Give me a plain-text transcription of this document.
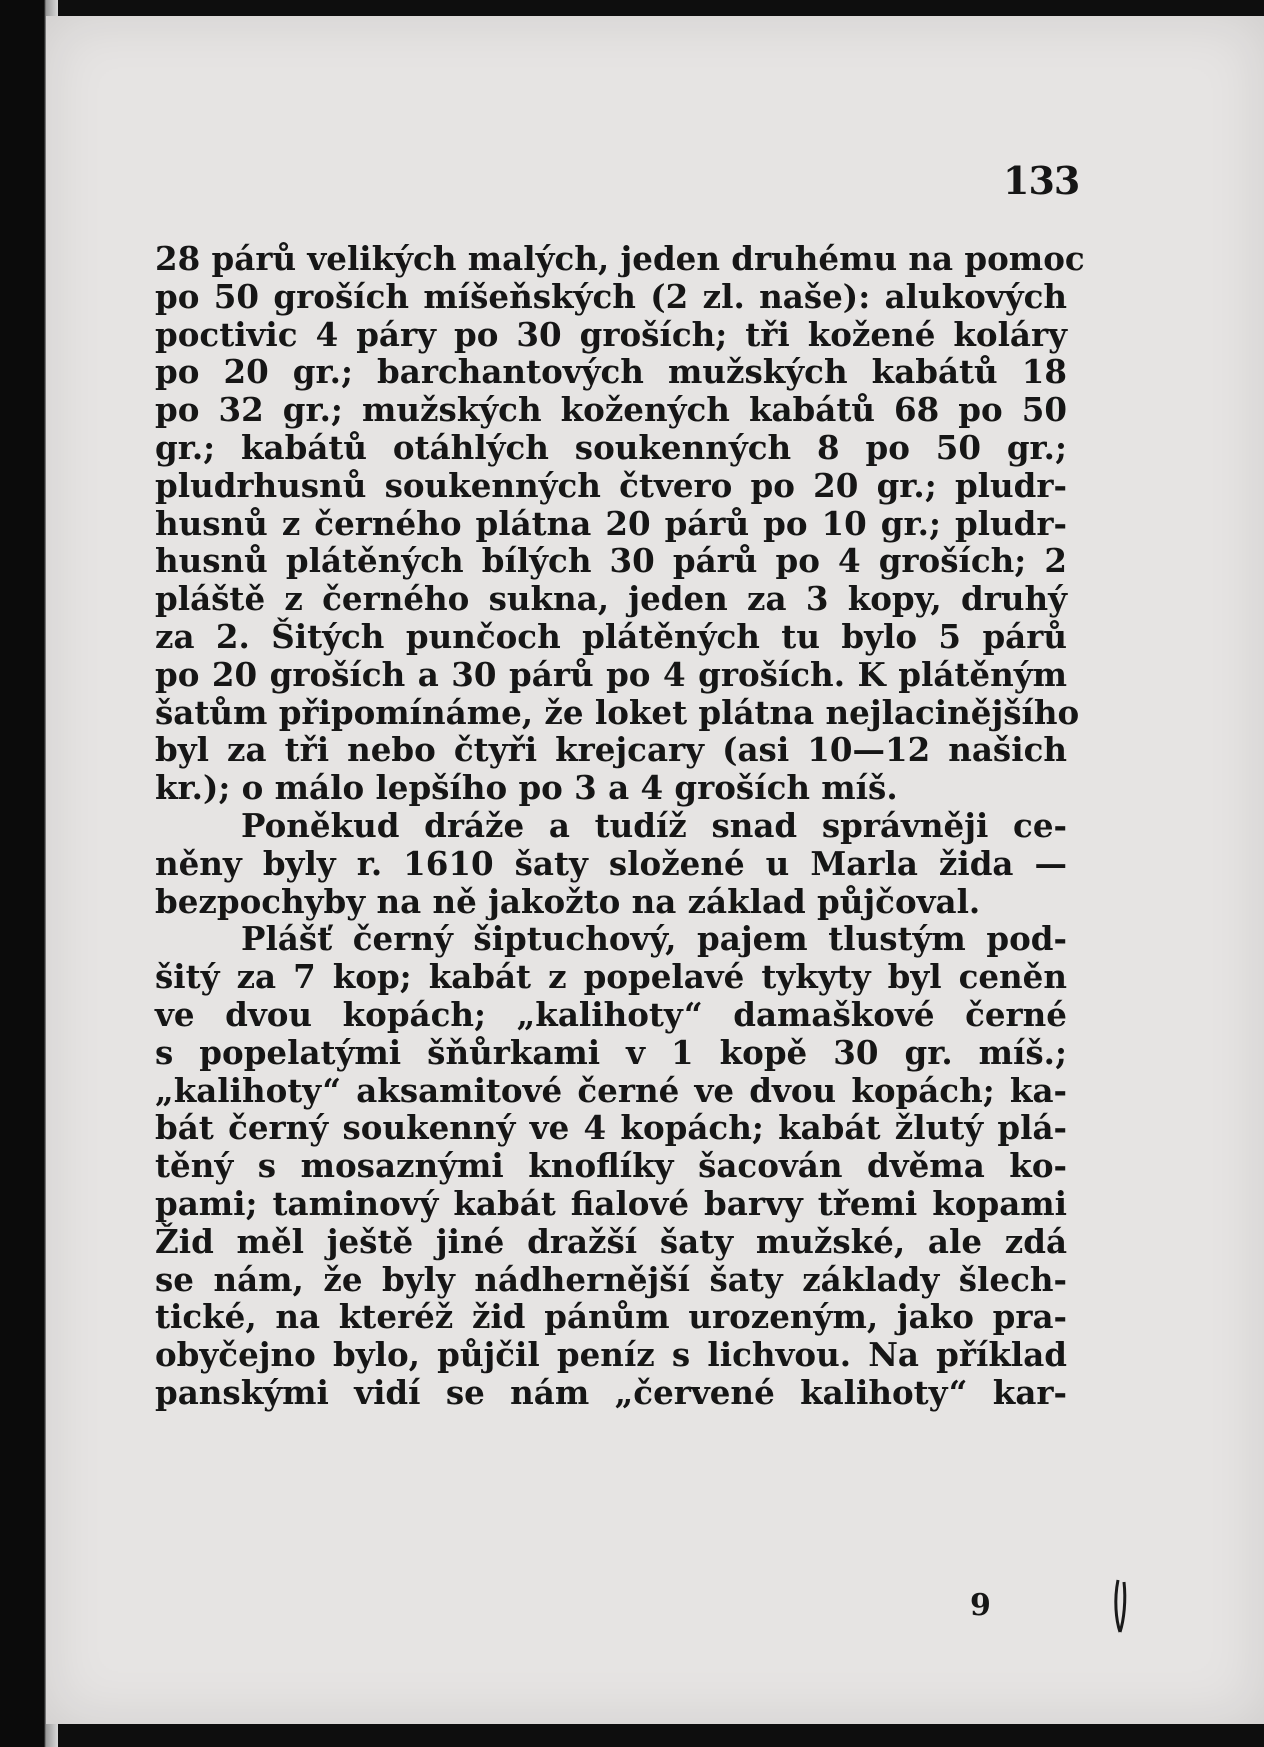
133
28 párů velikých malých, jeden druhému na pomoc
po 50 groších míšeňských (2 zl. naše): alukových
poctivic 4 páry po 30 groších; tři kožené koláry
po 20 gr.; barchantových mužských kabátů 18
po 32 gr.; mužských kožených kabátů 68 po 50
gr.; kabátů otáhlých soukenných 8 po 50 gr.;
pludrhusnů soukenných čtvero po 20 gr.; pludr-
husnů z černého plátna 20 párů po 10 gr.; pludr-
husnů plátěných bílých 30 párů po 4 groších; 2
pláště z černého sukna, jeden za 3 kopy, druhý
za 2. Šitých punčoch plátěných tu bylo 5 párů
po 20 groších a 30 párů po 4 groších. K plátěným
šatům připomínáme, že loket plátna nejlacinějšího
byl za tři nebo čtyři krejcary (asi 10—12 našich
kr.); o málo lepšího po 3 a 4 groších míš.
Poněkud dráže a tudíž snad správněji ce-
něny byly r. 1610 šaty složené u Marla žida —
bezpochyby na ně jakožto na základ půjčoval.
Plášť černý šiptuchový, pajem tlustým pod-
šitý za 7 kop; kabát z popelavé tykyty byl ceněn
ve dvou kopách; „kalihoty“ damaškové černé
s popelatými šňůrkami v 1 kopě 30 gr. míš.;
„kalihoty“ aksamitové černé ve dvou kopách; ka-
bát černý soukenný ve 4 kopách; kabát žlutý plá-
těný s mosaznými knoflíky šacován dvěma ko-
pami; taminový kabát fialové barvy třemi kopami
Žid měl ještě jiné dražší šaty mužské, ale zdá
se nám, že byly nádhernější šaty základy šlech-
tické, na kteréž žid pánům urozeným, jako pra-
obyčejno bylo, půjčil peníz s lichvou. Na příklad
panskými vidí se nám „červené kalihoty“ kar-
9
